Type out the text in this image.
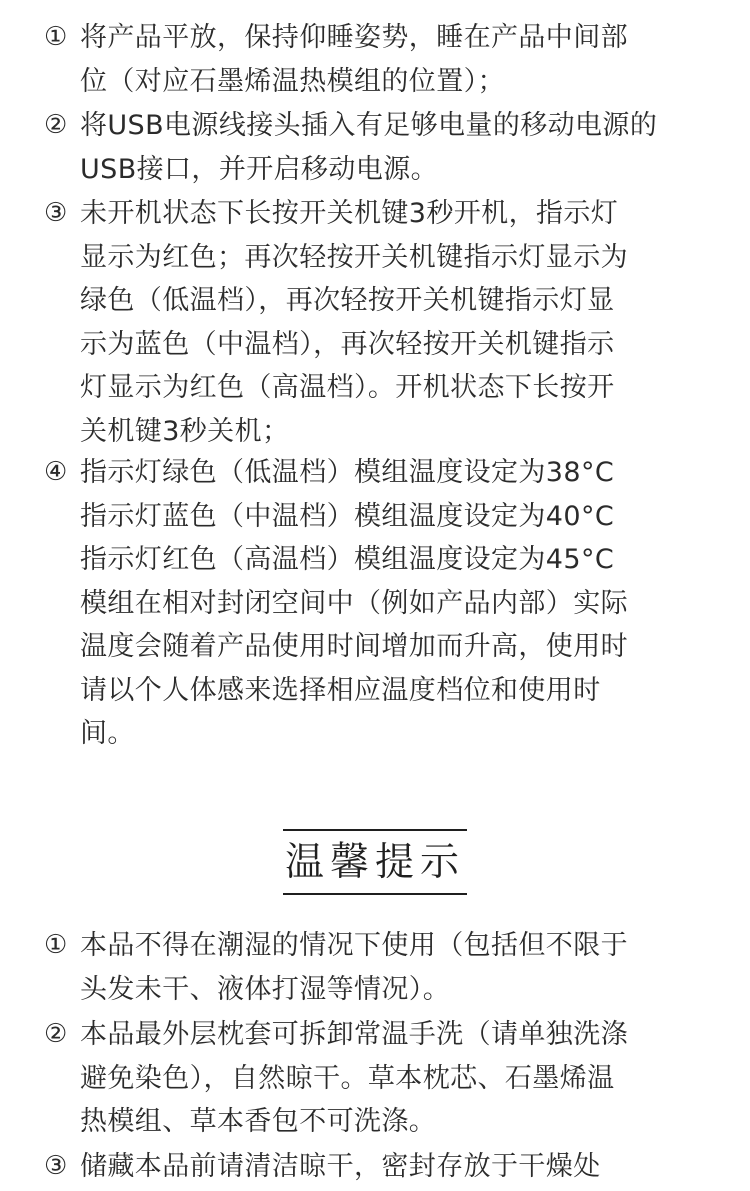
① 将产品平放，保持仰睡姿势，睡在产品中间部
位（对应石墨烯温热模组的位置）；
② 将USB电源线接头插入有足够电量的移动电源的
USB接口，并开启移动电源。
③ 未开机状态下长按开关机键3秒开机，指示灯
显示为红色；再次轻按开关机键指示灯显示为
绿色（低温档），再次轻按开关机键指示灯显
示为蓝色（中温档），再次轻按开关机键指示
灯显示为红色（高温档）。开机状态下长按开
关机键3秒关机；
④ 指示灯绿色（低温档）模组温度设定为38°C
指示灯蓝色（中温档）模组温度设定为40°C
指示灯红色（高温档）模组温度设定为45°C
模组在相对封闭空间中（例如产品内部）实际
温度会随着产品使用时间增加而升高，使用时
请以个人体感来选择相应温度档位和使用时
间。
温馨提示
① 本品不得在潮湿的情况下使用（包括但不限于
头发未干、液体打湿等情况）。
② 本品最外层枕套可拆卸常温手洗（请单独洗涤
避免染色），自然晾干。草本枕芯、石墨烯温
热模组、草本香包不可洗涤。
③ 储藏本品前请清洁晾干，密封存放于干燥处
